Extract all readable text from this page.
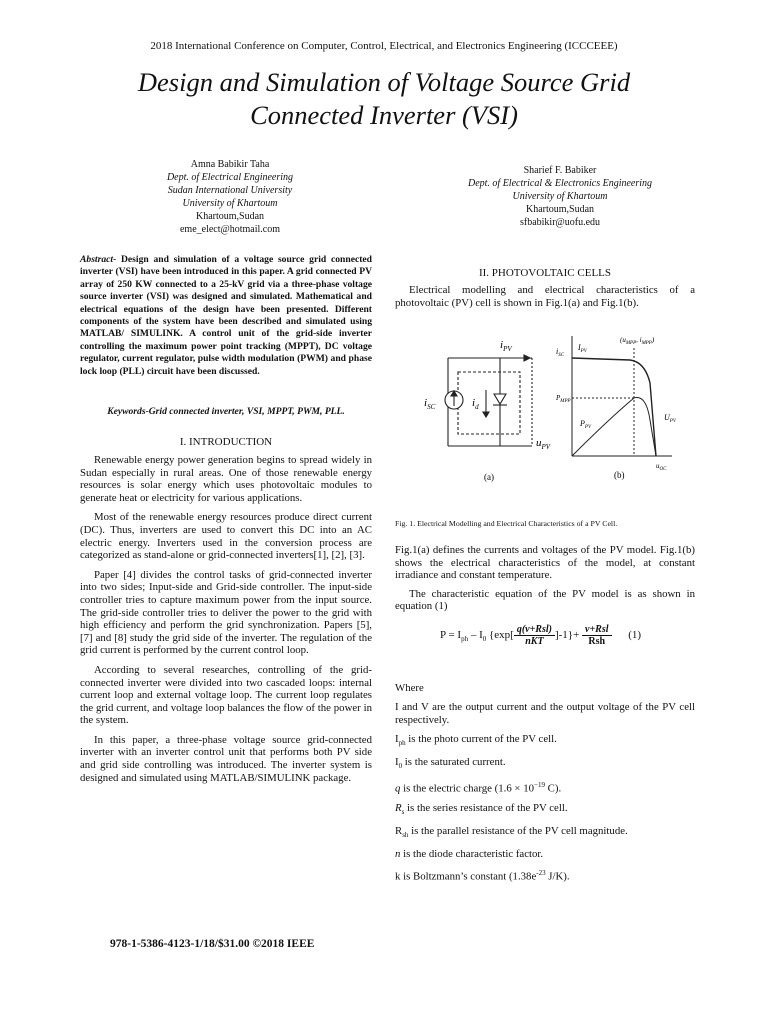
2018 International Conference on Computer, Control, Electrical, and Electronics Engineering (ICCCEEE)
Design and Simulation of Voltage Source Grid
Connected Inverter (VSI)
Amna Babikir Taha
Dept. of Electrical Engineering
Sudan International University
University of Khartoum
Khartoum,Sudan
eme_elect@hotmail.com
Sharief F. Babiker
Dept. of Electrical & Electronics Engineering
University of Khartoum
Khartoum,Sudan
sfbabikir@uofu.edu
Abstract- Design and simulation of a voltage source grid connected inverter (VSI) have been introduced in this paper. A grid connected PV array of 250 KW connected to a 25-kV grid via a three-phase voltage source inverter (VSI) was designed and simulated. Mathematical and electrical equations of the design have been presented. Different components of the system have been described and simulated using MATLAB/ SIMULINK. A control unit of the grid-side inverter controlling the maximum power point tracking (MPPT), DC voltage regulator, current regulator, pulse width modulation (PWM) and phase lock loop (PLL) circuit have been discussed.
Keywords-Grid connected inverter, VSI, MPPT, PWM, PLL.
I. INTRODUCTION

Renewable energy power generation begins to spread widely in Sudan especially in rural areas. One of those renewable energy resources is solar energy which uses photovoltaic modules to generate heat or electricity for various applications.

Most of the renewable energy resources produce direct current (DC). Thus, inverters are used to convert this DC into an AC electric energy. Inverters used in the conversion process are categorized as stand-alone or grid-connected inverters[1], [2], [3].

Paper [4] divides the control tasks of grid-connected inverter into two sides; Input-side and Grid-side controller. The input-side controller tries to capture maximum power from the input source. The grid-side controller tries to deliver the power to the grid with high efficiency and perform the grid synchronization. Papers [5], [7] and [8] study the grid side of the inverter. The regulation of the grid current is performed by the current control loop.

According to several researches, controlling of the grid-connected inverter were divided into two cascaded loops: internal current loop and external voltage loop. The current loop regulates the grid current, and voltage loop balances the flow of the power in the system.

In this paper, a three-phase voltage source grid-connected inverter with an inverter control unit that performs both PV side and grid side controlling was introduced. The inverter system is designed and simulated using MATLAB/SIMULINK package.

II. PHOTOVOLTAIC CELLS
Electrical modelling and electrical characteristics of a photovoltaic (PV) cell is shown in Fig.1(a) and Fig.1(b).
$i_{PV}$
$i_{SC}$	$i_d$
$u_{PV}$
(a)
$i_{SC}$
$I_{PV}$
($u_{MPP}$, $i_{MPP}$)
$P_{MPP}$
$P_{PV}$
$U_{PV}$
$u_{OC}$
(b)
Fig. 1. Electrical Modelling and Electrical Characteristics of a PV Cell.
Fig.1(a) defines the currents and voltages of the PV model. Fig.1(b) shows the electrical characteristics of the model, at constant irradiance and constant temperature.
The characteristic equation of the PV model is as shown in equation (1)
$P = I_{ph} - I_0$ $\{\exp[ \frac{\text{q(v+Rsl)}}{\text{nKT}} ]-1\}+ \frac{\text{v+Rsl}}{\text{Rsh}} (1)$
Where
I and V are the output current and the output voltage of the PV cell respectively.
$I_{ph}$ is the photo current of the PV cell.
$I_0$ is the saturated current.
q is the electric charge ($1.6 \times 10^{-19}$ C).
$R_s$ is the series resistance of the PV cell.
$R_{sh}$ is the parallel resistance of the PV cell magnitude.
n is the diode characteristic factor.
k is Boltzmann’s constant ($1.38e^{-23}$ J/K).
978-1-5386-4123-1/18/$31.00 ©2018 IEEE
